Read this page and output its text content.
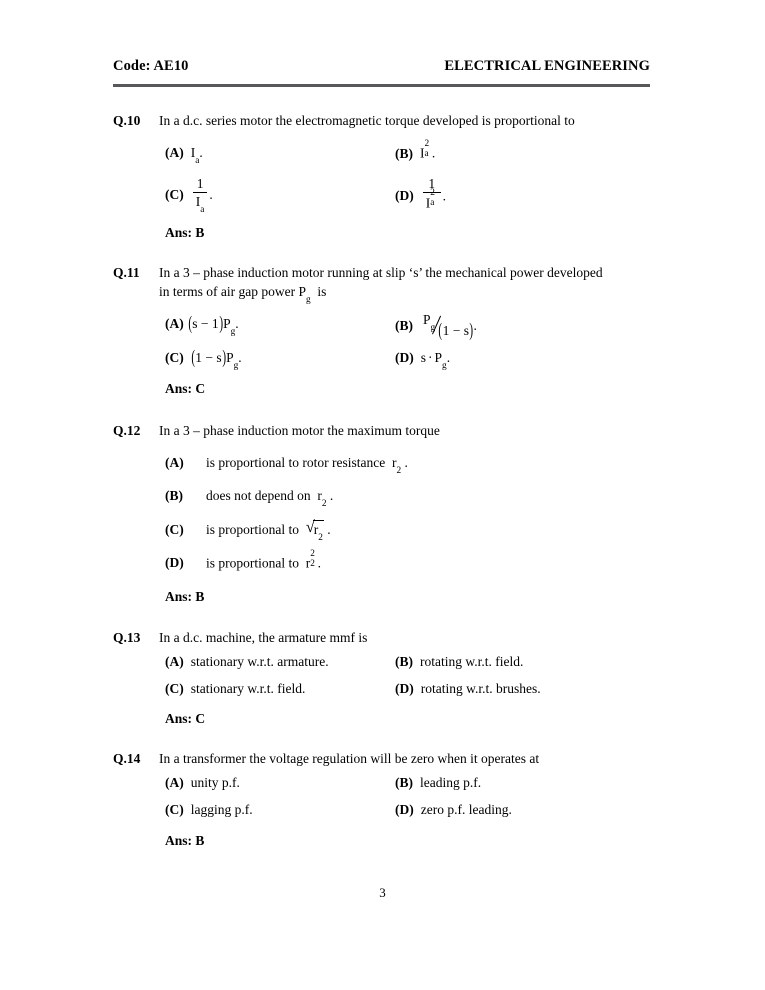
Code: AE10	ELECTRICAL ENGINEERING
Q.10	In a d.c. series motor the electromagnetic torque developed is proportional to
(A) $I_a$.	(B) I
2
a .
$(C) \frac{1}{I_a}$ .	(D) 1
I
2
a .
Ans: B
Q.11	In a 3 – phase induction motor running at slip ‘s’ the mechanical power developed
in terms of air gap power $P_g$  is
(A) $(s - 1)P_g$.	(B) $P_g$ (1 − s).
(C) $(1 - s)P_g$.	(D) $s \cdot P_g$.
Ans: C
Q.12	In a 3 – phase induction motor the maximum torque
(A)	is proportional to rotor resistance $r_2$ .
(B)	does not depend on $r_2$ .
(C)	is proportional to √
$r_2$ .
(D)	is proportional to r
2
2 .
Ans: B
Q.13	In a d.c. machine, the armature mmf is
(A) stationary w.r.t. armature.	(B) rotating w.r.t. field.
(C) stationary w.r.t. field.	(D) rotating w.r.t. brushes.
Ans: C
Q.14	In a transformer the voltage regulation will be zero when it operates at
(A) unity p.f.	(B) leading p.f.
(C) lagging p.f.	(D) zero p.f. leading.
Ans: B
3
